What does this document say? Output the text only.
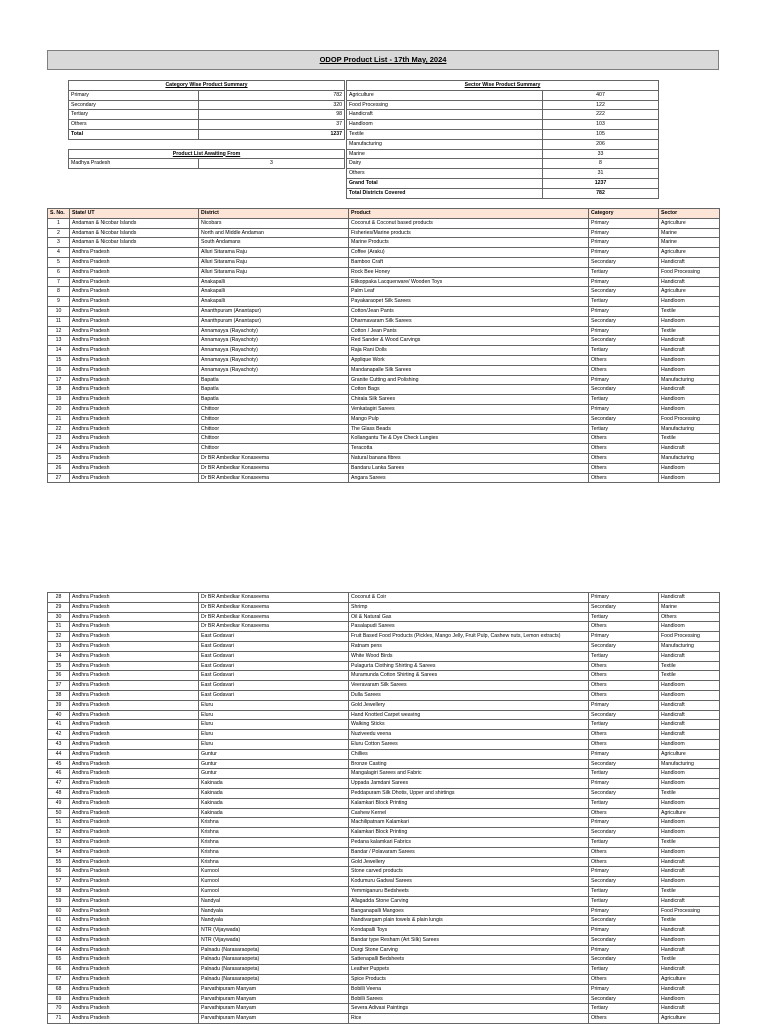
ODOP Product List - 17th May, 2024
Category Wise Product Summary	
Primary	782
Secondary	320
Tertiary	98
Others	37
Total	1237

Product List Awaiting From	
Madhya Pradesh	3
Sector Wise Product Summary	
Agriculture	407
Food Processing	122
Handicraft	222
Handloom	103
Textile	105
Manufacturing	206
Marine	33
Dairy	8
Others	31
Grand Total	1237
Total Districts Covered	782
S. No.	State/ UT	District	Product	Category	Sector
1	Andaman & Nicobar Islands	Nicobars	Coconut & Coconut based products	Primary	Agriculture
2	Andaman & Nicobar Islands	North and Middle Andaman	Fisheries/Marine products	Primary	Marine
3	Andaman & Nicobar Islands	South Andamans	Marine Products	Primary	Marine
4	Andhra Pradesh	Alluri Sitarama Raju	Coffee (Araku)	Primary	Agriculture
5	Andhra Pradesh	Alluri Sitarama Raju	Bamboo Craft	Secondary	Handicraft
6	Andhra Pradesh	Alluri Sitarama Raju	Rock Bee Honey	Tertiary	Food Processing
7	Andhra Pradesh	Anakapalli	Etikoppaka Lacquerware/ Wooden Toys	Primary	Handicraft
8	Andhra Pradesh	Anakapalli	Palm Leaf	Secondary	Agriculture
9	Andhra Pradesh	Anakapalli	Payakaraopet Silk Sarees	Tertiary	Handloom
10	Andhra Pradesh	Ananthpuram (Anantapur)	Cotton/Jean Pants	Primary	Textile
11	Andhra Pradesh	Ananthpuram (Anantapur)	Dharmavaram Silk Sarees	Secondary	Handloom
12	Andhra Pradesh	Annamayya (Rayachoty)	Cotton / Jean Pants	Primary	Textile
13	Andhra Pradesh	Annamayya (Rayachoty)	Red Sander & Wood Carvings	Secondary	Handicraft
14	Andhra Pradesh	Annamayya (Rayachoty)	Raja Rani Dolls	Tertiary	Handicraft
15	Andhra Pradesh	Annamayya (Rayachoty)	Applique Work	Others	Handloom
16	Andhra Pradesh	Annamayya (Rayachoty)	Mandanapalle Silk Sarees	Others	Handloom
17	Andhra Pradesh	Bapatla	Granite Cutting and Polishing	Primary	Manufacturing
18	Andhra Pradesh	Bapatla	Cotton Bags	Secondary	Handicraft
19	Andhra Pradesh	Bapatla	Chirala Silk Sarees	Tertiary	Handloom
20	Andhra Pradesh	Chittoor	Venkatagiri Sarees	Primary	Handloom
21	Andhra Pradesh	Chittoor	Mango Pulp	Secondary	Food Processing
22	Andhra Pradesh	Chittoor	The Glass Beads	Tertiary	Manufacturing
23	Andhra Pradesh	Chittoor	Kollangantu Tie & Dye Check Lungies	Others	Textile
24	Andhra Pradesh	Chittoor	Teracotta	Others	Handicraft
25	Andhra Pradesh	Dr BR Ambedkar Konaseema	Natural banana fibres	Others	Manufacturing
26	Andhra Pradesh	Dr BR Ambedkar Konaseema	Bandaru Lanka Sarees	Others	Handloom
27	Andhra Pradesh	Dr BR Ambedkar Konaseema	Angara Sarees	Others	Handloom
28	Andhra Pradesh	Dr BR Ambedkar Konaseema	Coconut & Coir	Primary	Handicraft
29	Andhra Pradesh	Dr BR Ambedkar Konaseema	Shrimp	Secondary	Marine
30	Andhra Pradesh	Dr BR Ambedkar Konaseema	Oil & Natural Gas	Tertiary	Others
31	Andhra Pradesh	Dr BR Ambedkar Konaseema	Pasalapudi Sarees	Others	Handloom
32	Andhra Pradesh	East Godavari	Fruit Based Food Products (Pickles, Mango Jelly, Fruit Pulp, Cashew nuts, Lemon extracts)	Primary	Food Processing
33	Andhra Pradesh	East Godavari	Ratnam pens	Secondary	Manufacturing
34	Andhra Pradesh	East Godavari	White Wood Birds	Tertiary	Handicraft
35	Andhra Pradesh	East Godavari	Pulagurta Clothing Shirting & Sarees	Others	Textile
36	Andhra Pradesh	East Godavari	Muramunda Cotton Shirting & Sarees	Others	Textile
37	Andhra Pradesh	East Godavari	Veeravaram Silk Sarees	Others	Handloom
38	Andhra Pradesh	East Godavari	Dulla Sarees	Others	Handloom
39	Andhra Pradesh	Eluru	Gold Jewellery	Primary	Handicraft
40	Andhra Pradesh	Eluru	Hand Knotted Carpet weaving	Secondary	Handicraft
41	Andhra Pradesh	Eluru	Walking Sticks	Tertiary	Handicraft
42	Andhra Pradesh	Eluru	Nuziveedu veena	Others	Handicraft
43	Andhra Pradesh	Eluru	Eluru Cotton Sarees	Others	Handloom
44	Andhra Pradesh	Guntur	Chillies	Primary	Agriculture
45	Andhra Pradesh	Guntur	Bronze Casting	Secondary	Manufacturing
46	Andhra Pradesh	Guntur	Mangalagiri Sarees and Fabric	Tertiary	Handloom
47	Andhra Pradesh	Kakinada	Uppada Jamdani Sarees	Primary	Handloom
48	Andhra Pradesh	Kakinada	Peddapuram Silk Dhotis, Upper and shirtings	Secondary	Textile
49	Andhra Pradesh	Kakinada	Kalamkari Block Printing	Tertiary	Handloom
50	Andhra Pradesh	Kakinada	Cashew Kernel	Others	Agriculture
51	Andhra Pradesh	Krishna	Machilipatnam Kalamkari	Primary	Handloom
52	Andhra Pradesh	Krishna	Kalamkari Block Printing	Secondary	Handloom
53	Andhra Pradesh	Krishna	Pedana kalamkari Fabrics	Tertiary	Textile
54	Andhra Pradesh	Krishna	Bandar / Polavaram Sarees	Others	Handloom
55	Andhra Pradesh	Krishna	Gold Jewellery	Others	Handicraft
56	Andhra Pradesh	Kurnool	Stone carved products	Primary	Handicraft
57	Andhra Pradesh	Kurnool	Kodumuru Gadwal Sarees	Secondary	Handloom
58	Andhra Pradesh	Kurnool	Yemmiganuru Bedsheets	Tertiary	Textile
59	Andhra Pradesh	Nandyal	Allagadda Stone Carving	Tertiary	Handicraft
60	Andhra Pradesh	Nandyala	Banganapalli Mangoes	Primary	Food Processing
61	Andhra Pradesh	Nandyala	Nandivargam plain towels & plain lungis	Secondary	Textile
62	Andhra Pradesh	NTR (Vijaywada)	Kondapalli Toys	Primary	Handicraft
63	Andhra Pradesh	NTR (Vijaywada)	Bandar type Resham (Art Silk) Sarees	Secondary	Handloom
64	Andhra Pradesh	Palnadu (Narasaraopeta)	Durgi Stone Carving	Primary	Handicraft
65	Andhra Pradesh	Palnadu (Narasaraopeta)	Sattenapalli Bedsheets	Secondary	Textile
66	Andhra Pradesh	Palnadu (Narasaraopeta)	Leather Puppets	Tertiary	Handicraft
67	Andhra Pradesh	Palnadu (Narasaraopeta)	Spice Products	Others	Agriculture
68	Andhra Pradesh	Parvathipuram Manyam	Bobilli Veena	Primary	Handicraft
69	Andhra Pradesh	Parvathipuram Manyam	Bobilli Sarees	Secondary	Handloom
70	Andhra Pradesh	Parvathipuram Manyam	Severa Adivasi Paintings	Tertiary	Handicraft
71	Andhra Pradesh	Parvathipuram Manyam	Rice	Others	Agriculture
